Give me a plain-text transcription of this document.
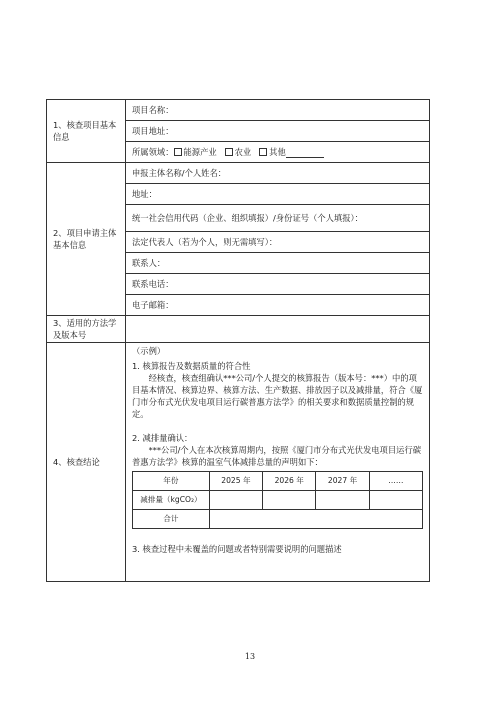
1、核查项目基本信息	项目名称：
项目地址：
所属领域： 能源产业 农业 其他
2、项目申请主体基本信息	申报主体名称/个人姓名：
地址：
统一社会信用代码（企业、组织填报）/身份证号（个人填报）：
法定代表人（若为个人，则无需填写）：
联系人：
联系电话：
电子邮箱：
3、适用的方法学及版本号	
4、核查结论	

（示例）

1. 核算报告及数据质量的符合性

经核查，核查组确认***公司/个人提交的核算报告（版本号：***）中的项目基本情况、核算边界、核算方法、生产数据、排放因子以及减排量，符合《厦门市分布式光伏发电项目运行碳普惠方法学》的相关要求和数据质量控制的规定。

2. 减排量确认：

***公司/个人在本次核算周期内，按照《厦门市分布式光伏发电项目运行碳普惠方法学》核算的温室气体减排总量的声明如下：

年份	2025 年	2026 年	2027 年	……
减排量（kgCO₂）				
合计	

3. 核查过程中未覆盖的问题或者特别需要说明的问题描述

13
